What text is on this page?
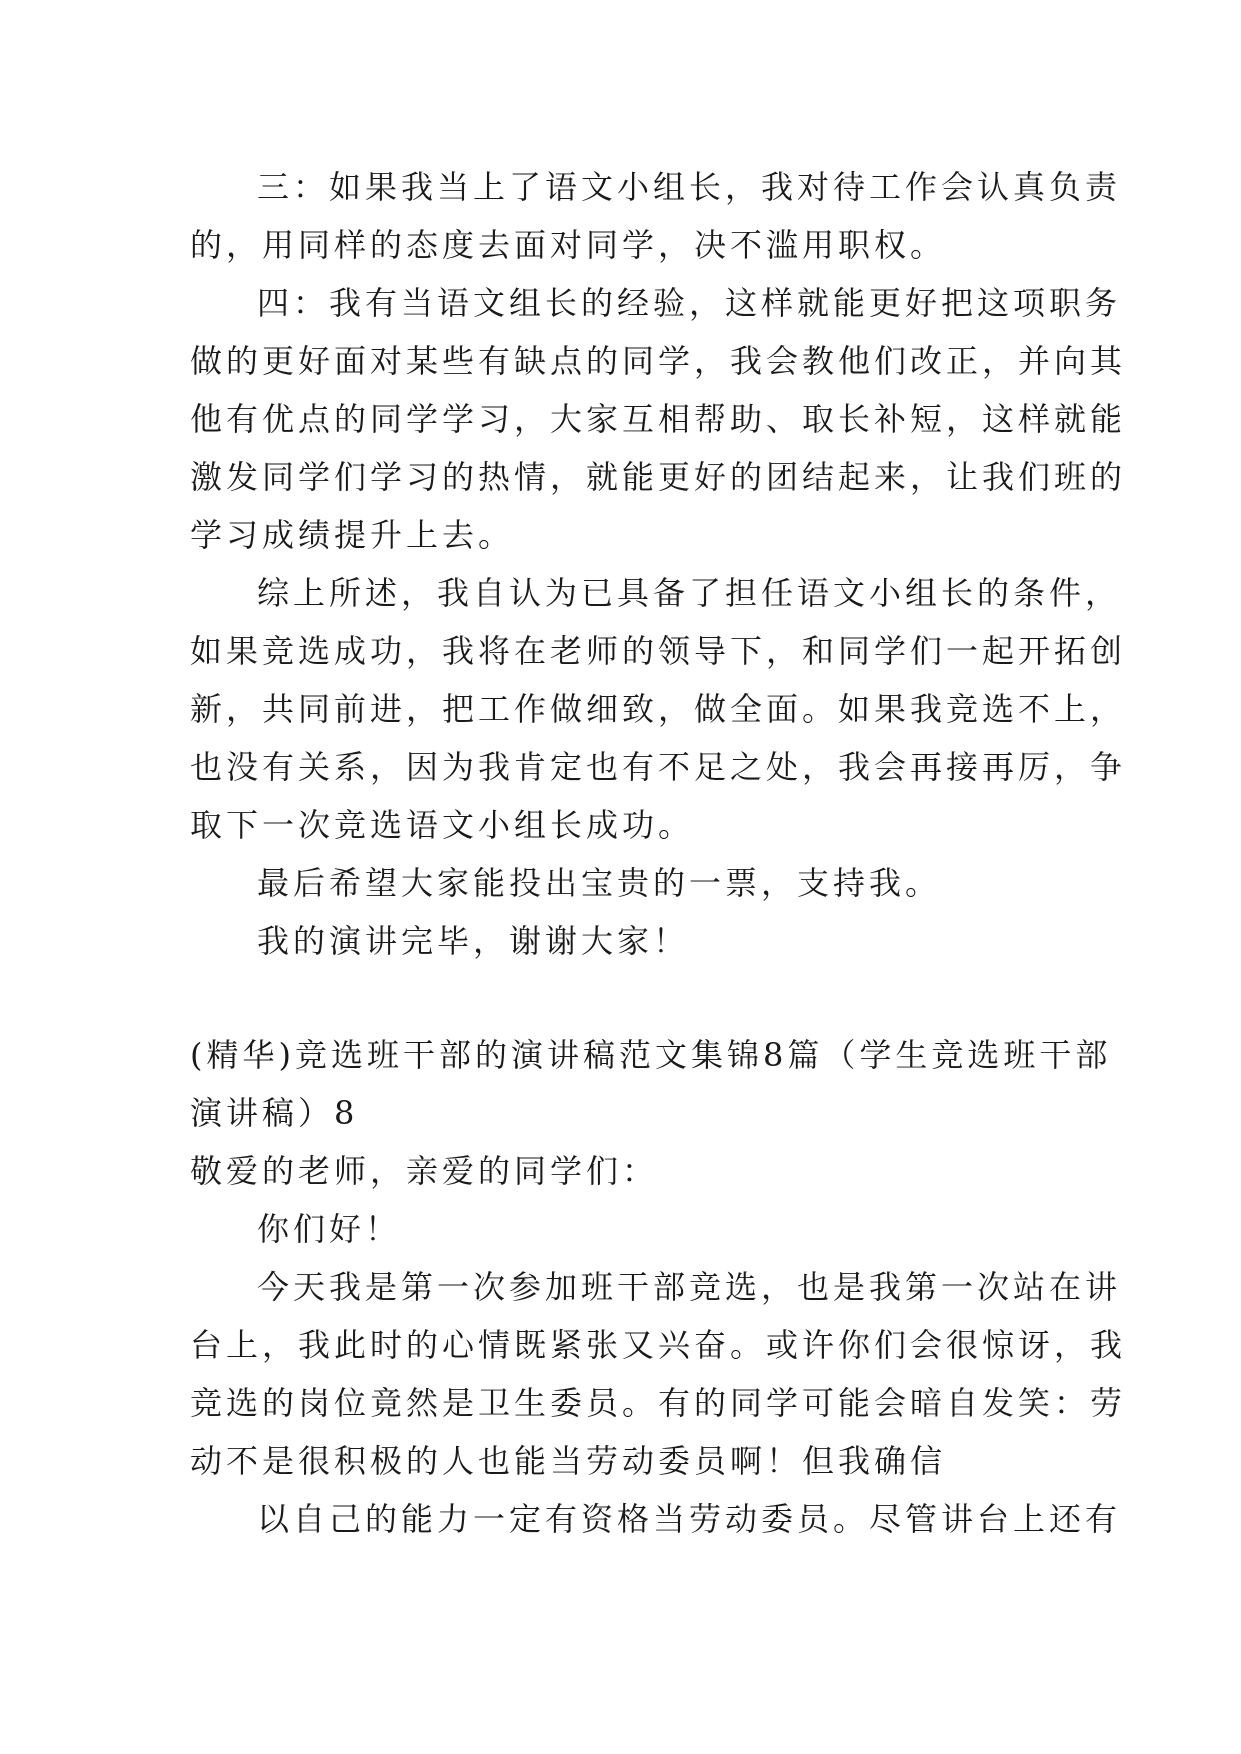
三：如果我当上了语文小组长，我对待工作会认真负责
的，用同样的态度去面对同学，决不滥用职权。
四：我有当语文组长的经验，这样就能更好把这项职务
做的更好面对某些有缺点的同学，我会教他们改正，并向其
他有优点的同学学习，大家互相帮助、取长补短，这样就能
激发同学们学习的热情，就能更好的团结起来，让我们班的
学习成绩提升上去。
综上所述，我自认为已具备了担任语文小组长的条件，
如果竞选成功，我将在老师的领导下，和同学们一起开拓创
新，共同前进，把工作做细致，做全面。如果我竞选不上，
也没有关系，因为我肯定也有不足之处，我会再接再厉，争
取下一次竞选语文小组长成功。
最后希望大家能投出宝贵的一票，支持我。
我的演讲完毕，谢谢大家！
(精华)竞选班干部的演讲稿范文集锦8篇（学生竞选班干部
演讲稿）8
敬爱的老师，亲爱的同学们：
你们好！
今天我是第一次参加班干部竞选，也是我第一次站在讲
台上，我此时的心情既紧张又兴奋。或许你们会很惊讶，我
竞选的岗位竟然是卫生委员。有的同学可能会暗自发笑：劳
动不是很积极的人也能当劳动委员啊！但我确信
以自己的能力一定有资格当劳动委员。尽管讲台上还有
